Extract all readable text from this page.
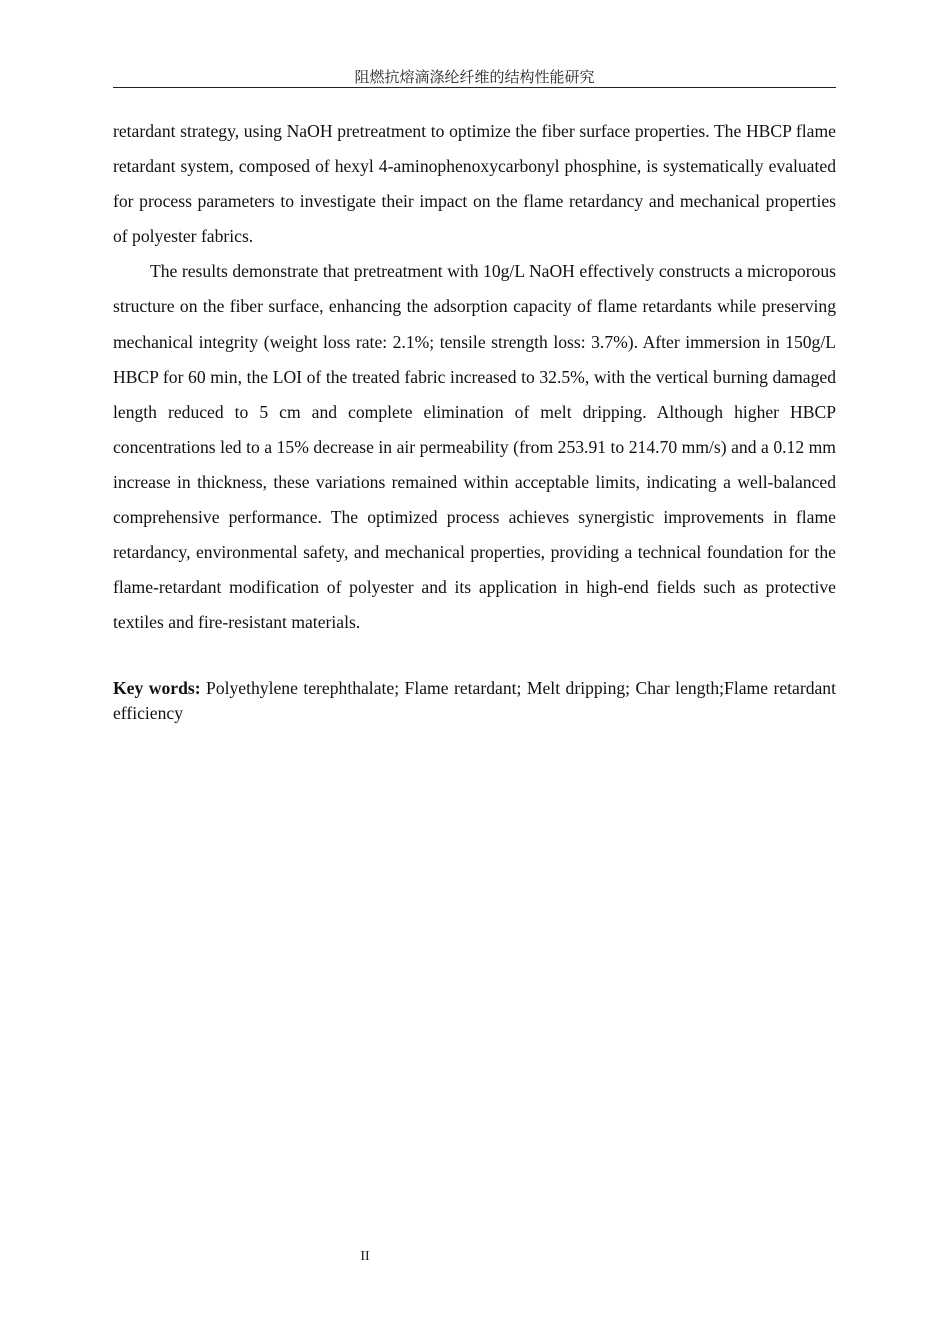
阻燃抗熔滴涤纶纤维的结构性能研究

retardant strategy, using NaOH pretreatment to optimize the fiber surface properties. The HBCP flame retardant system, composed of hexyl 4-aminophenoxycarbonyl phosphine, is systematically evaluated for process parameters to investigate their impact on the flame retardancy and mechanical properties of polyester fabrics.

The results demonstrate that pretreatment with 10g/L NaOH effectively constructs a microporous structure on the fiber surface, enhancing the adsorption capacity of flame retardants while preserving mechanical integrity (weight loss rate: 2.1%; tensile strength loss: 3.7%). After immersion in 150g/L HBCP for 60 min, the LOI of the treated fabric increased to 32.5%, with the vertical burning damaged length reduced to 5 cm and complete elimination of melt dripping. Although higher HBCP concentrations led to a 15% decrease in air permeability (from 253.91 to 214.70 mm/s) and a 0.12 mm increase in thickness, these variations remained within acceptable limits, indicating a well-balanced comprehensive performance. The optimized process achieves synergistic improvements in flame retardancy, environmental safety, and mechanical properties, providing a technical foundation for the flame-retardant modification of polyester and its application in high-end fields such as protective textiles and fire-resistant materials.

Key words: Polyethylene terephthalate; Flame retardant; Melt dripping; Char length;Flame retardant efficiency
II
